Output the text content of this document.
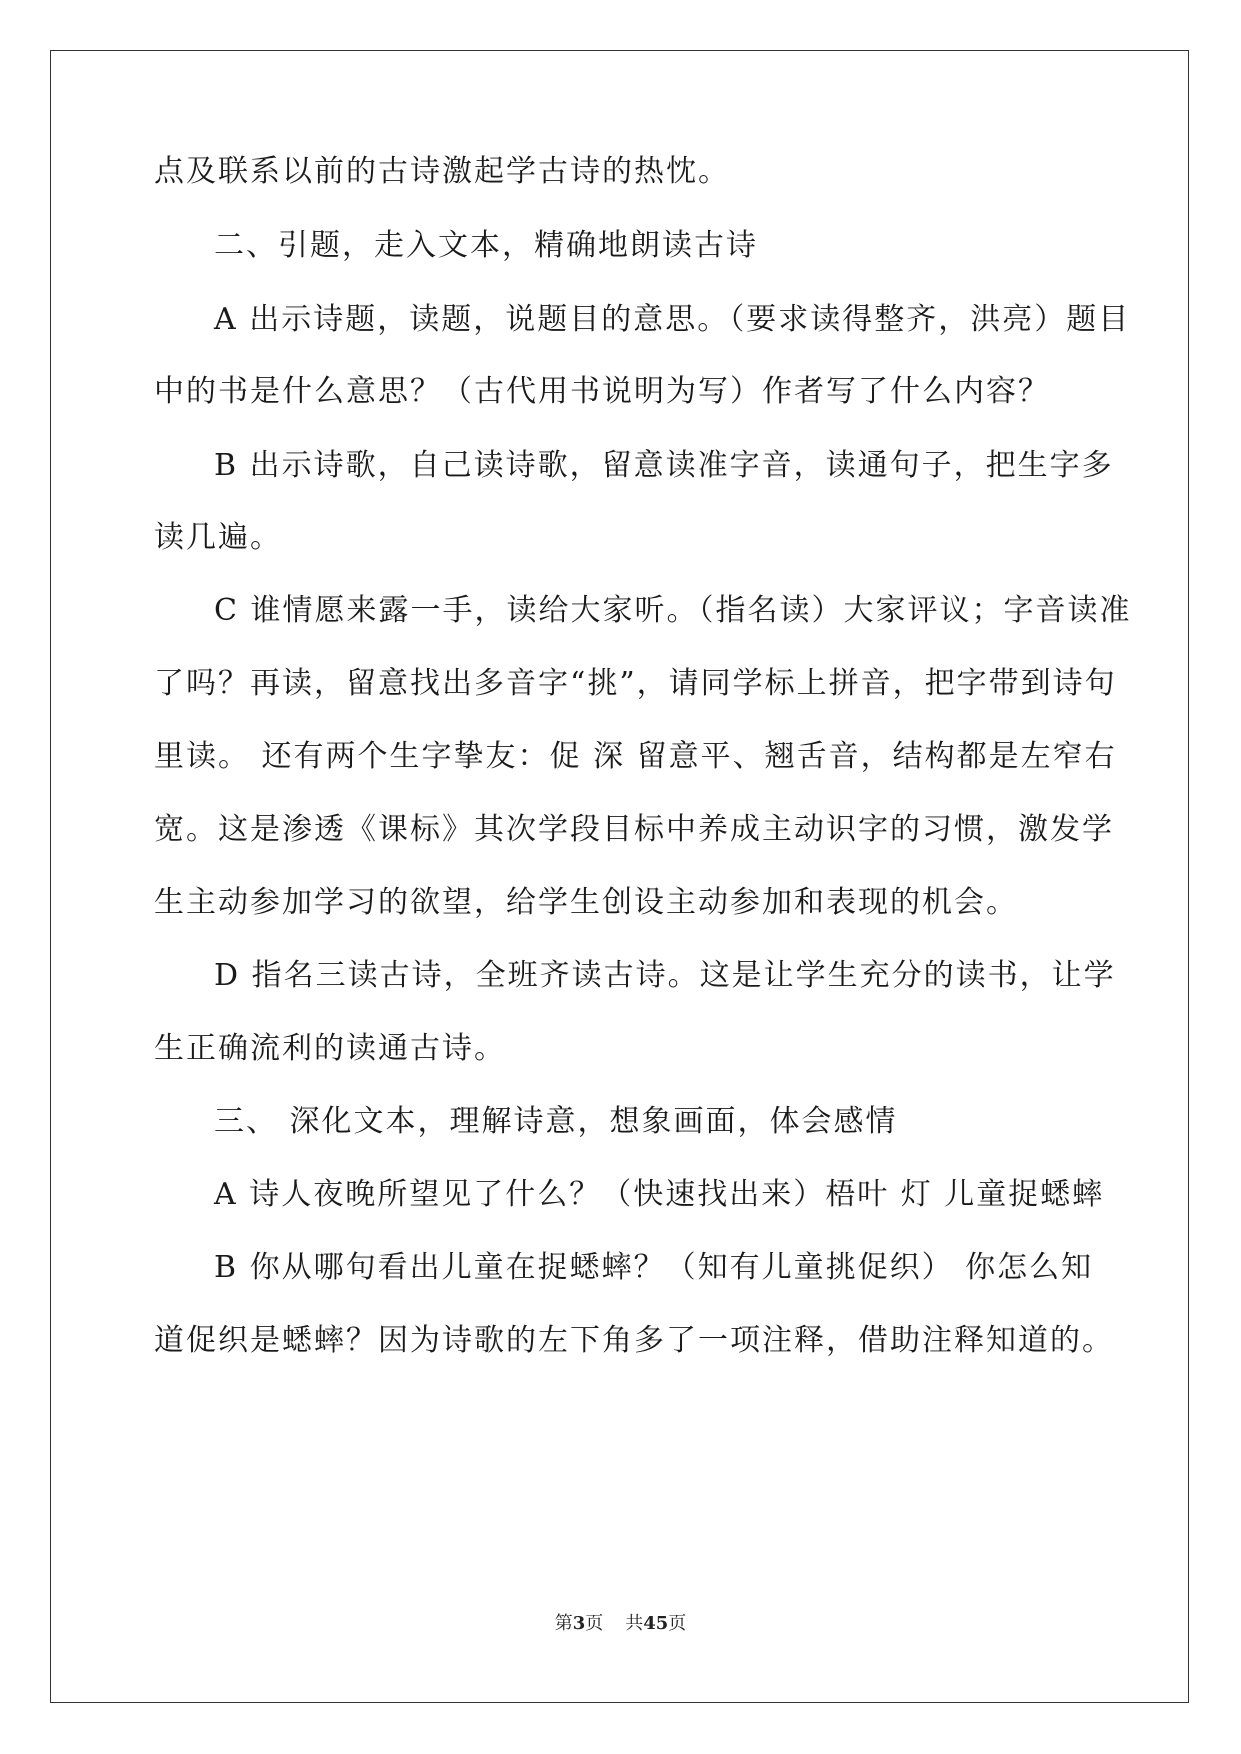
点及联系以前的古诗激起学古诗的热忱。
二、引题，走入文本，精确地朗读古诗
A 出示诗题，读题，说题目的意思。（要求读得整齐，洪亮）题目
中的书是什么意思？（古代用书说明为写）作者写了什么内容？
B 出示诗歌，自己读诗歌，留意读准字音，读通句子，把生字多
读几遍。
C 谁情愿来露一手，读给大家听。（指名读）大家评议；字音读准
了吗？再读，留意找出多音字“挑”，请同学标上拼音，把字带到诗句
里读。 还有两个生字挚友：促 深 留意平、翘舌音，结构都是左窄右
宽。这是渗透《课标》其次学段目标中养成主动识字的习惯，激发学
生主动参加学习的欲望，给学生创设主动参加和表现的机会。
D 指名三读古诗，全班齐读古诗。这是让学生充分的读书，让学
生正确流利的读通古诗。
三、 深化文本，理解诗意，想象画面，体会感情
A 诗人夜晚所望见了什么？（快速找出来）梧叶 灯 儿童捉蟋蟀
B 你从哪句看出儿童在捉蟋蟀？（知有儿童挑促织） 你怎么知
道促织是蟋蟀？因为诗歌的左下角多了一项注释，借助注释知道的。
第3页 共45页
